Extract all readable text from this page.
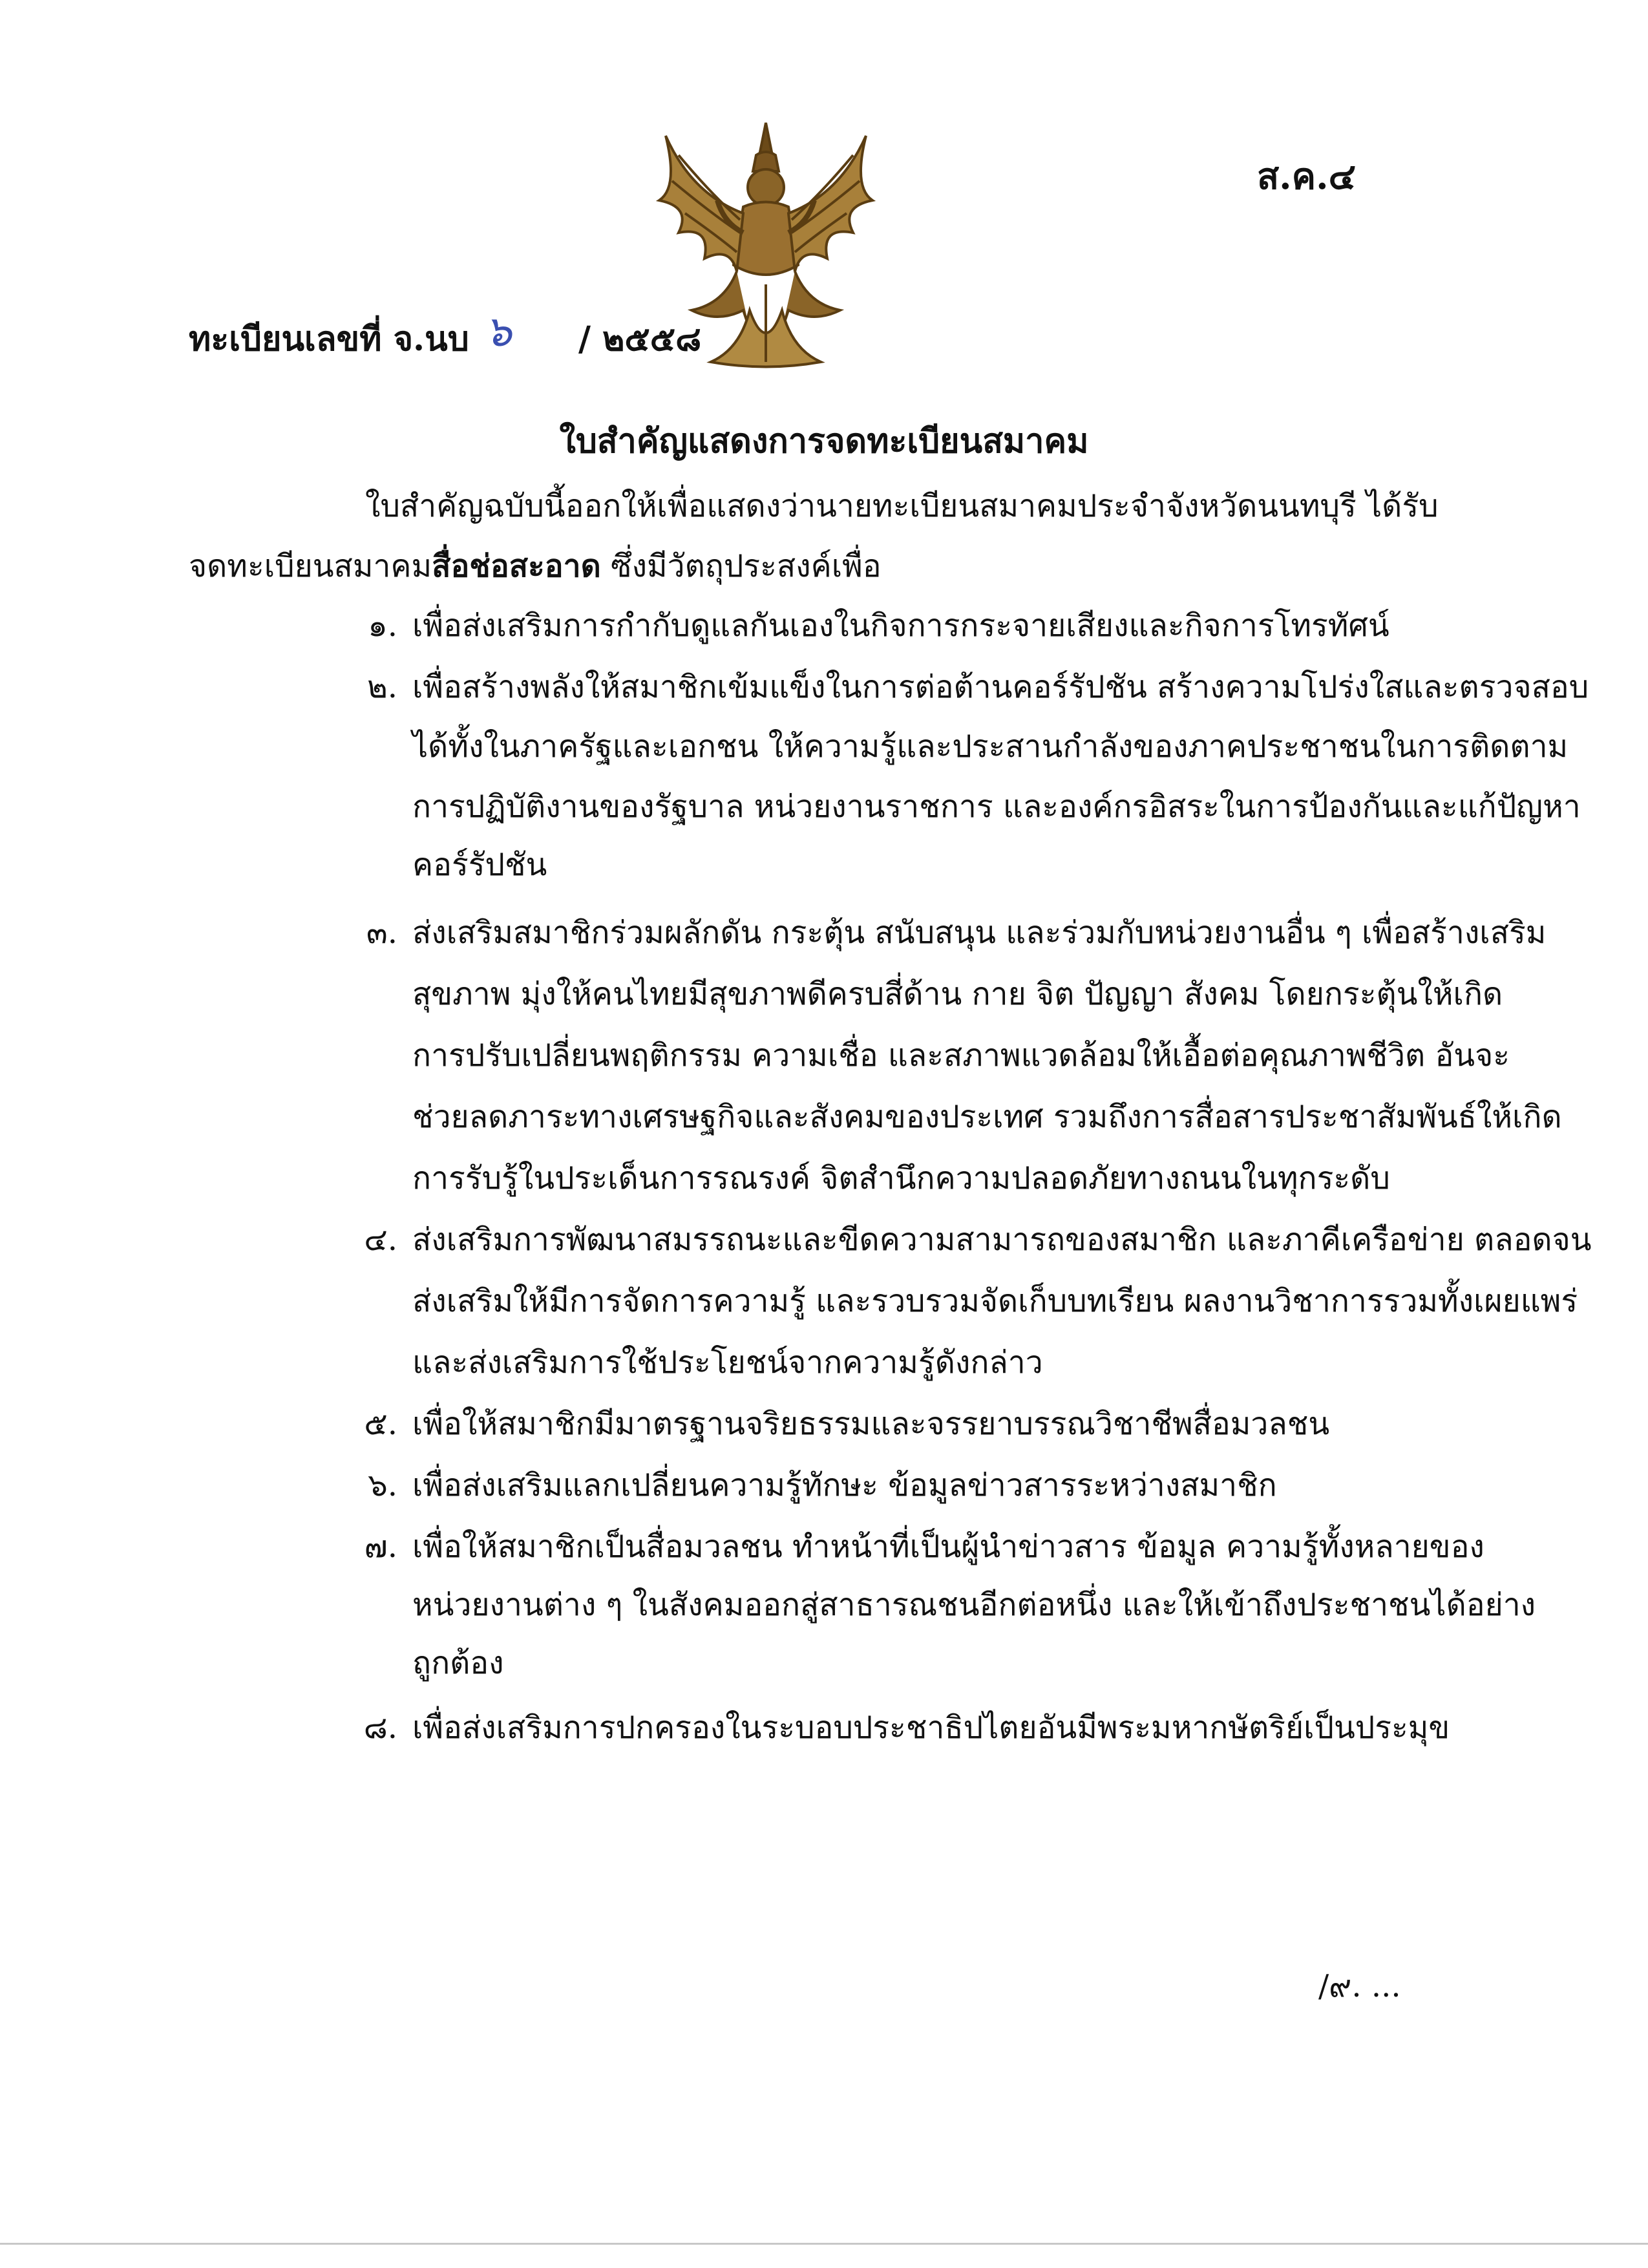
ส.ค.๔
ทะเบียนเลขที่ จ.นบ ๖ / ๒๕๕๘
ใบสำคัญแสดงการจดทะเบียนสมาคม
ใบสำคัญฉบับนี้ออกให้เพื่อแสดงว่านายทะเบียนสมาคมประจำจังหวัดนนทบุรี ได้รับ
จดทะเบียนสมาคมสื่อช่อสะอาด ซึ่งมีวัตถุประสงค์เพื่อ
๑. เพื่อส่งเสริมการกำกับดูแลกันเองในกิจการกระจายเสียงและกิจการโทรทัศน์
๒. เพื่อสร้างพลังให้สมาชิกเข้มแข็งในการต่อต้านคอร์รัปชัน สร้างความโปร่งใสและตรวจสอบ
ได้ทั้งในภาครัฐและเอกชน ให้ความรู้และประสานกำลังของภาคประชาชนในการติดตาม
การปฏิบัติงานของรัฐบาล หน่วยงานราชการ และองค์กรอิสระในการป้องกันและแก้ปัญหา
คอร์รัปชัน
๓. ส่งเสริมสมาชิกร่วมผลักดัน กระตุ้น สนับสนุน และร่วมกับหน่วยงานอื่น ๆ เพื่อสร้างเสริม
สุขภาพ มุ่งให้คนไทยมีสุขภาพดีครบสี่ด้าน กาย จิต ปัญญา สังคม โดยกระตุ้นให้เกิด
การปรับเปลี่ยนพฤติกรรม ความเชื่อ และสภาพแวดล้อมให้เอื้อต่อคุณภาพชีวิต อันจะ
ช่วยลดภาระทางเศรษฐกิจและสังคมของประเทศ รวมถึงการสื่อสารประชาสัมพันธ์ให้เกิด
การรับรู้ในประเด็นการรณรงค์ จิตสำนึกความปลอดภัยทางถนนในทุกระดับ
๔. ส่งเสริมการพัฒนาสมรรถนะและขีดความสามารถของสมาชิก และภาคีเครือข่าย ตลอดจน
ส่งเสริมให้มีการจัดการความรู้ และรวบรวมจัดเก็บบทเรียน ผลงานวิชาการรวมทั้งเผยแพร่
และส่งเสริมการใช้ประโยชน์จากความรู้ดังกล่าว
๕. เพื่อให้สมาชิกมีมาตรฐานจริยธรรมและจรรยาบรรณวิชาชีพสื่อมวลชน
๖. เพื่อส่งเสริมแลกเปลี่ยนความรู้ทักษะ ข้อมูลข่าวสารระหว่างสมาชิก
๗. เพื่อให้สมาชิกเป็นสื่อมวลชน ทำหน้าที่เป็นผู้นำข่าวสาร ข้อมูล ความรู้ทั้งหลายของ
หน่วยงานต่าง ๆ ในสังคมออกสู่สาธารณชนอีกต่อหนึ่ง และให้เข้าถึงประชาชนได้อย่าง
ถูกต้อง
๘. เพื่อส่งเสริมการปกครองในระบอบประชาธิปไตยอันมีพระมหากษัตริย์เป็นประมุข
/๙. ...
